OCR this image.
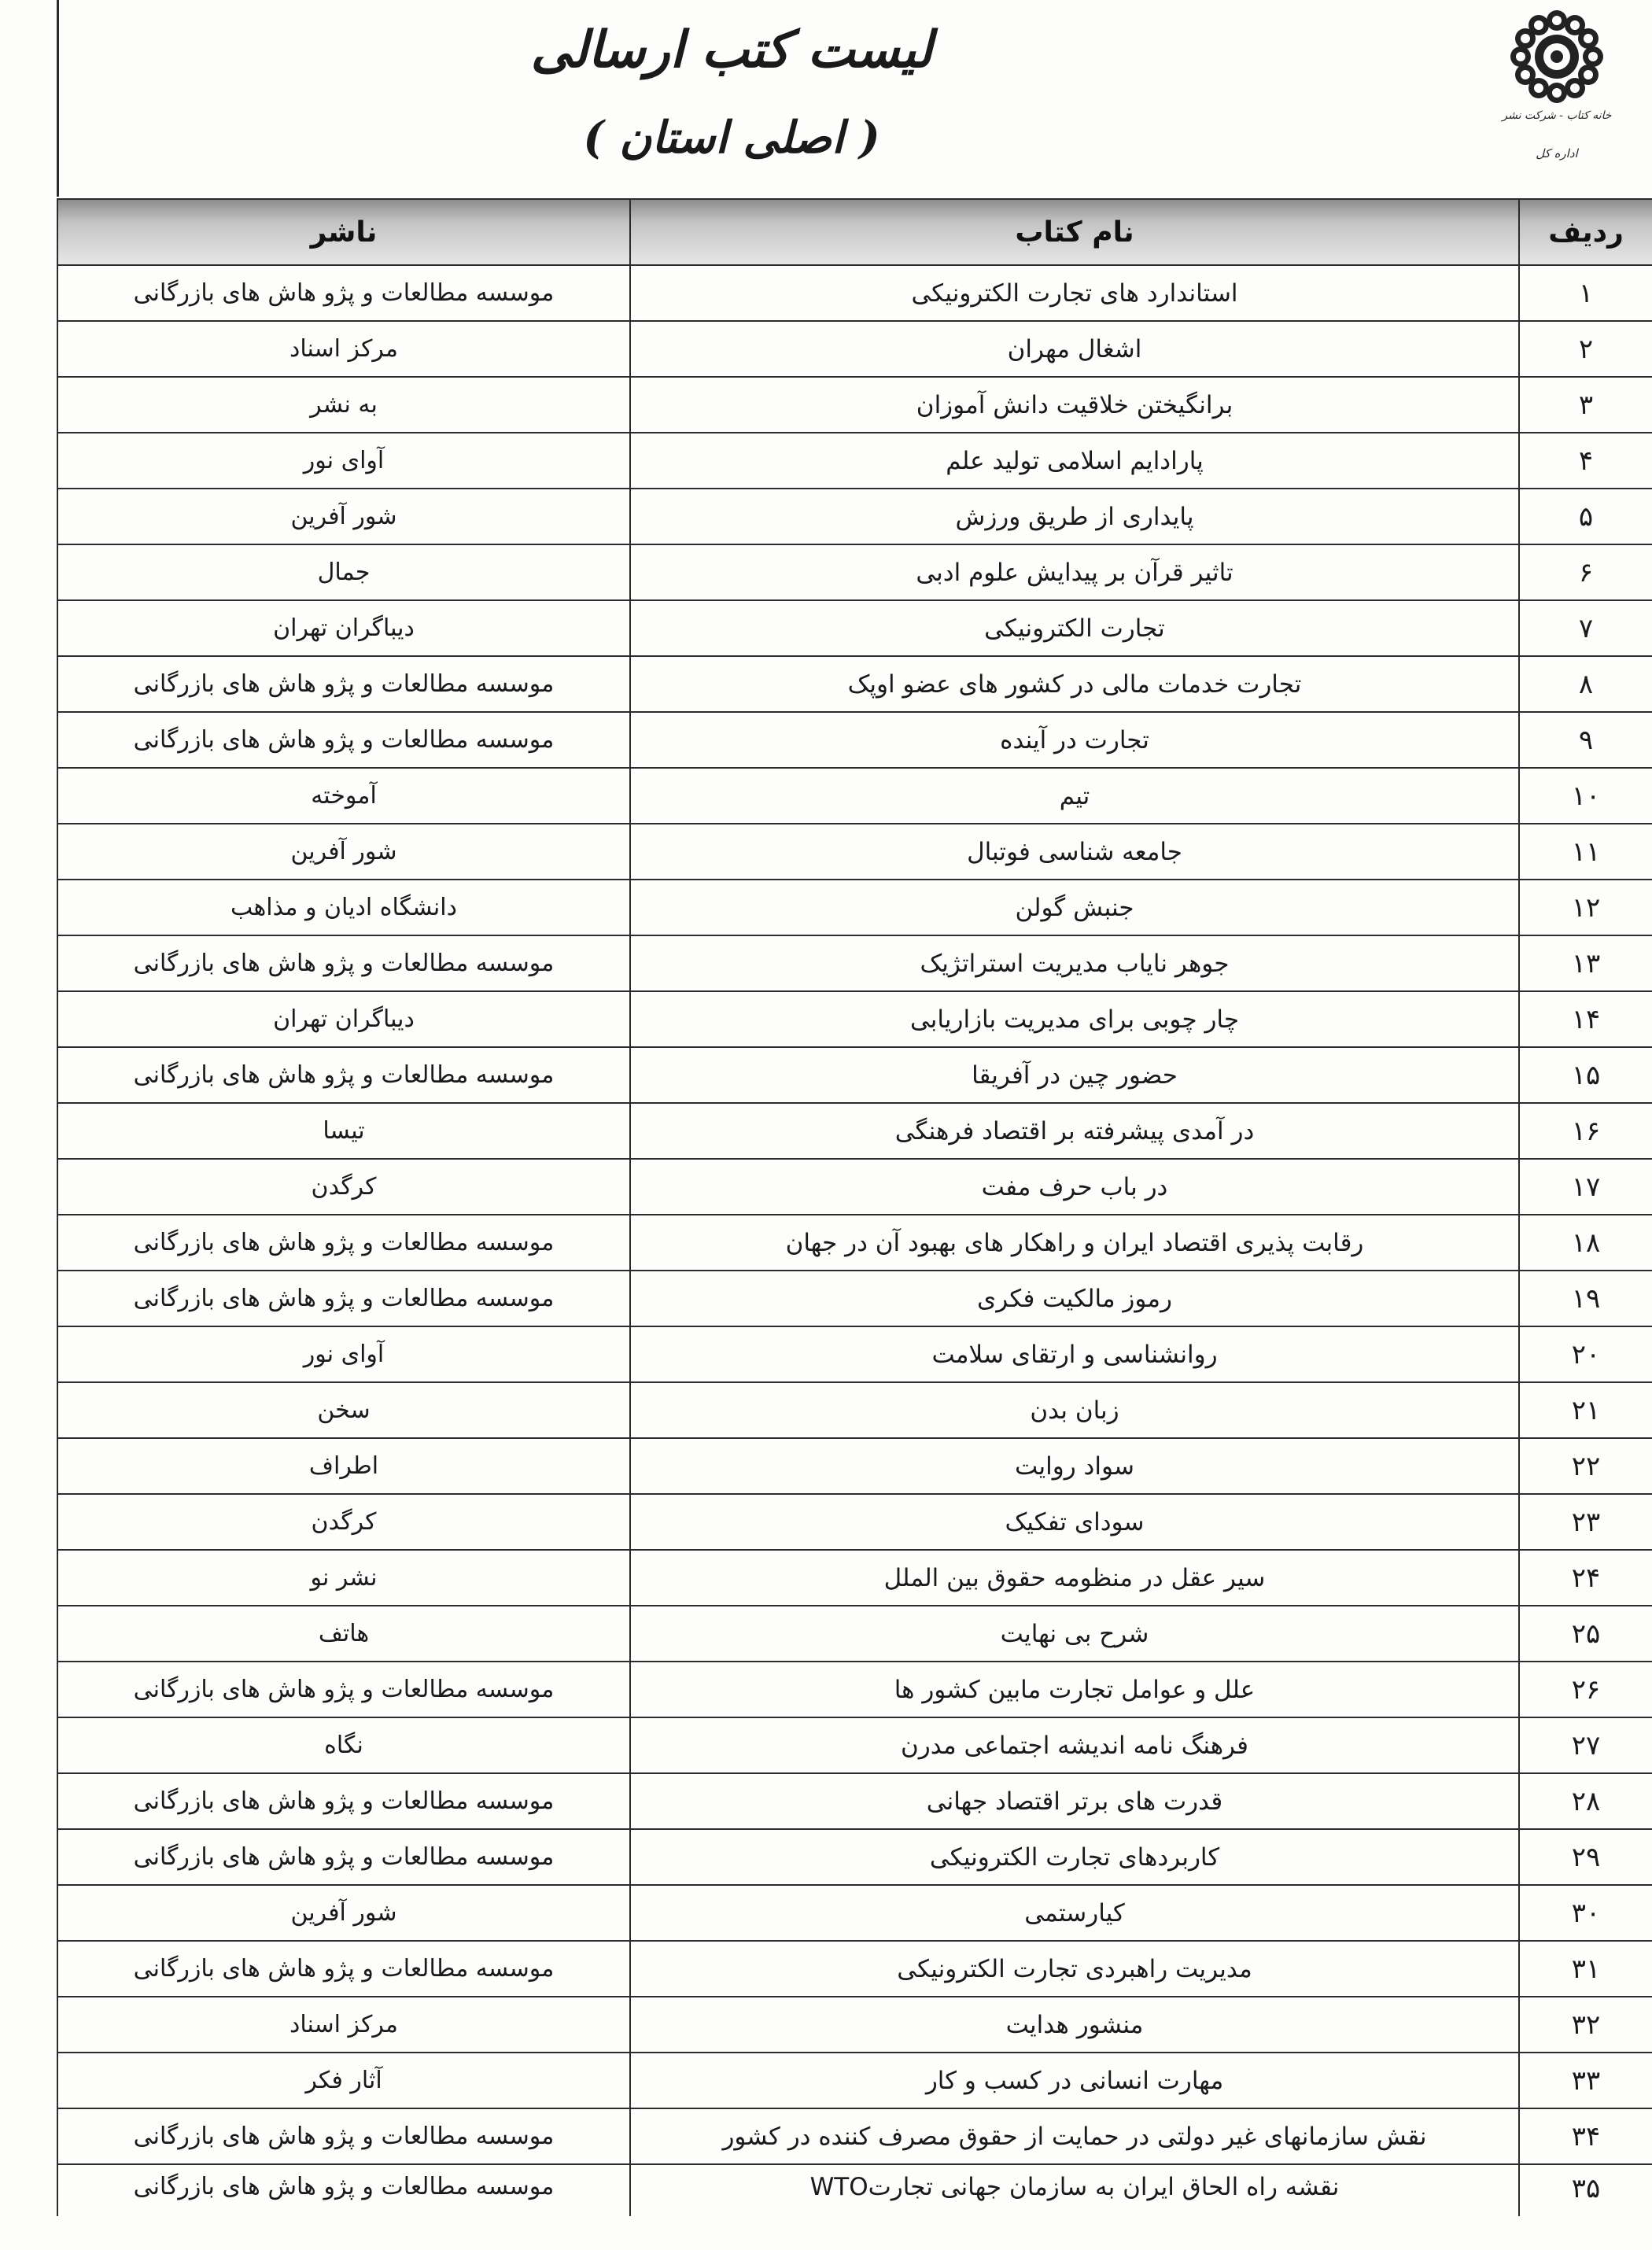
خانه کتاب - شرکت نشر
اداره کل
لیست کتب ارسالی
( اصلی استان )
ردیف	نام کتاب	ناشر
۱	استاندارد های تجارت الکترونیکی	موسسه مطالعات و پژو هاش های بازرگانی
۲	اشغال مهران	مرکز اسناد
۳	برانگیختن خلاقیت دانش آموزان	به نشر
۴	پارادایم اسلامی تولید علم	آوای نور
۵	پایداری از طریق ورزش	شور آفرین
۶	تاثیر قرآن بر پیدایش علوم ادبی	جمال
۷	تجارت الکترونیکی	دیباگران تهران
۸	تجارت خدمات مالی در کشور های عضو اوپک	موسسه مطالعات و پژو هاش های بازرگانی
۹	تجارت در آینده	موسسه مطالعات و پژو هاش های بازرگانی
۱۰	تیم	آموخته
۱۱	جامعه شناسی فوتبال	شور آفرین
۱۲	جنبش گولن	دانشگاه ادیان و مذاهب
۱۳	جوهر نایاب مدیریت استراتژیک	موسسه مطالعات و پژو هاش های بازرگانی
۱۴	چار چوبی برای مدیریت بازاریابی	دیباگران تهران
۱۵	حضور چین در آفریقا	موسسه مطالعات و پژو هاش های بازرگانی
۱۶	در آمدی پیشرفته بر اقتصاد فرهنگی	تیسا
۱۷	در باب حرف مفت	کرگدن
۱۸	رقابت پذیری اقتصاد ایران و راهکار های بهبود آن در جهان	موسسه مطالعات و پژو هاش های بازرگانی
۱۹	رموز مالکیت فکری	موسسه مطالعات و پژو هاش های بازرگانی
۲۰	روانشناسی و ارتقای سلامت	آوای نور
۲۱	زبان بدن	سخن
۲۲	سواد روایت	اطراف
۲۳	سودای تفکیک	کرگدن
۲۴	سیر عقل در منظومه حقوق بین الملل	نشر نو
۲۵	شرح بی نهایت	هاتف
۲۶	علل و عوامل تجارت مابین کشور ها	موسسه مطالعات و پژو هاش های بازرگانی
۲۷	فرهنگ نامه اندیشه اجتماعی مدرن	نگاه
۲۸	قدرت های برتر اقتصاد جهانی	موسسه مطالعات و پژو هاش های بازرگانی
۲۹	کاربردهای تجارت الکترونیکی	موسسه مطالعات و پژو هاش های بازرگانی
۳۰	کیارستمی	شور آفرین
۳۱	مدیریت راهبردی تجارت الکترونیکی	موسسه مطالعات و پژو هاش های بازرگانی
۳۲	منشور هدایت	مرکز اسناد
۳۳	مهارت انسانی در کسب و کار	آثار فکر
۳۴	نقش سازمانهای غیر دولتی در حمایت از حقوق مصرف کننده در کشور	موسسه مطالعات و پژو هاش های بازرگانی
۳۵	نقشه راه الحاق ایران به سازمان جهانی تجارتWTO	موسسه مطالعات و پژو هاش های بازرگانی
